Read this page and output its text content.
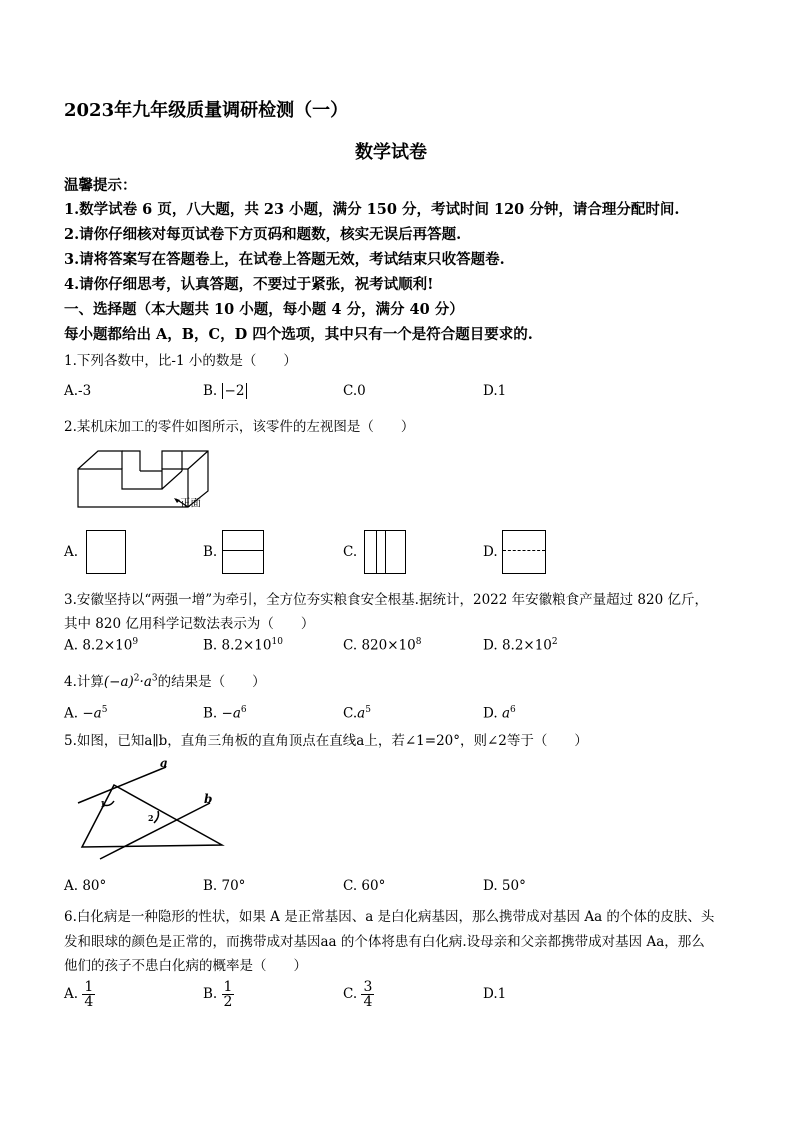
2023年九年级质量调研检测（一）
数学试卷
温馨提示：
1.数学试卷 6 页，八大题，共 23 小题，满分 150 分，考试时间 120 分钟，请合理分配时间.
2.请你仔细核对每页试卷下方页码和题数，核实无误后再答题.
3.请将答案写在答题卷上，在试卷上答题无效，考试结束只收答题卷.
4.请你仔细思考，认真答题，不要过于紧张，祝考试顺利!
一、选择题（本大题共 10 小题，每小题 4 分，满分 40 分）
每小题都给出 A，B，C，D 四个选项，其中只有一个是符合题目要求的.
1.下列各数中，比-1 小的数是（　　）
A.-3	B. −2	C.0	D.1
2.某机床加工的零件如图所示，该零件的左视图是（　　）
正面
A.	B.	C.	D.
3.安徽坚持以“两强一增”为牵引，全方位夯实粮食安全根基.据统计，2022 年安徽粮食产量超过 820 亿斤，
其中 820 亿用科学记数法表示为（　　）
A. $8.2\times 10^9$	B. $8.2\times 10^{10}$	C. $820\times 10^8$	D. $8.2\times 10^2$
4.计算$(-a)^2\cdot a^3$的结果是（　　）
A. $-a^5$	B. $-a^6$	$C.a^5$	D. $a^6$
5.如图，已知a∥b，直角三角板的直角顶点在直线a上，若∠1=20°，则∠2等于（　　）
a
b
1
2
A. 80°	B. 70°	C. 60°	D. 50°
6.白化病是一种隐形的性状，如果 A 是正常基因、a 是白化病基因，那么携带成对基因 Aa 的个体的皮肤、头
发和眼球的颜色是正常的，而携带成对基因aa 的个体将患有白化病.设母亲和父亲都携带成对基因 Aa，那么
他们的孩子不患白化病的概率是（　　）
A. $\frac{1}{4}$	B. $\frac{1}{2}$	C. $\frac{3}{4}$	D.1
